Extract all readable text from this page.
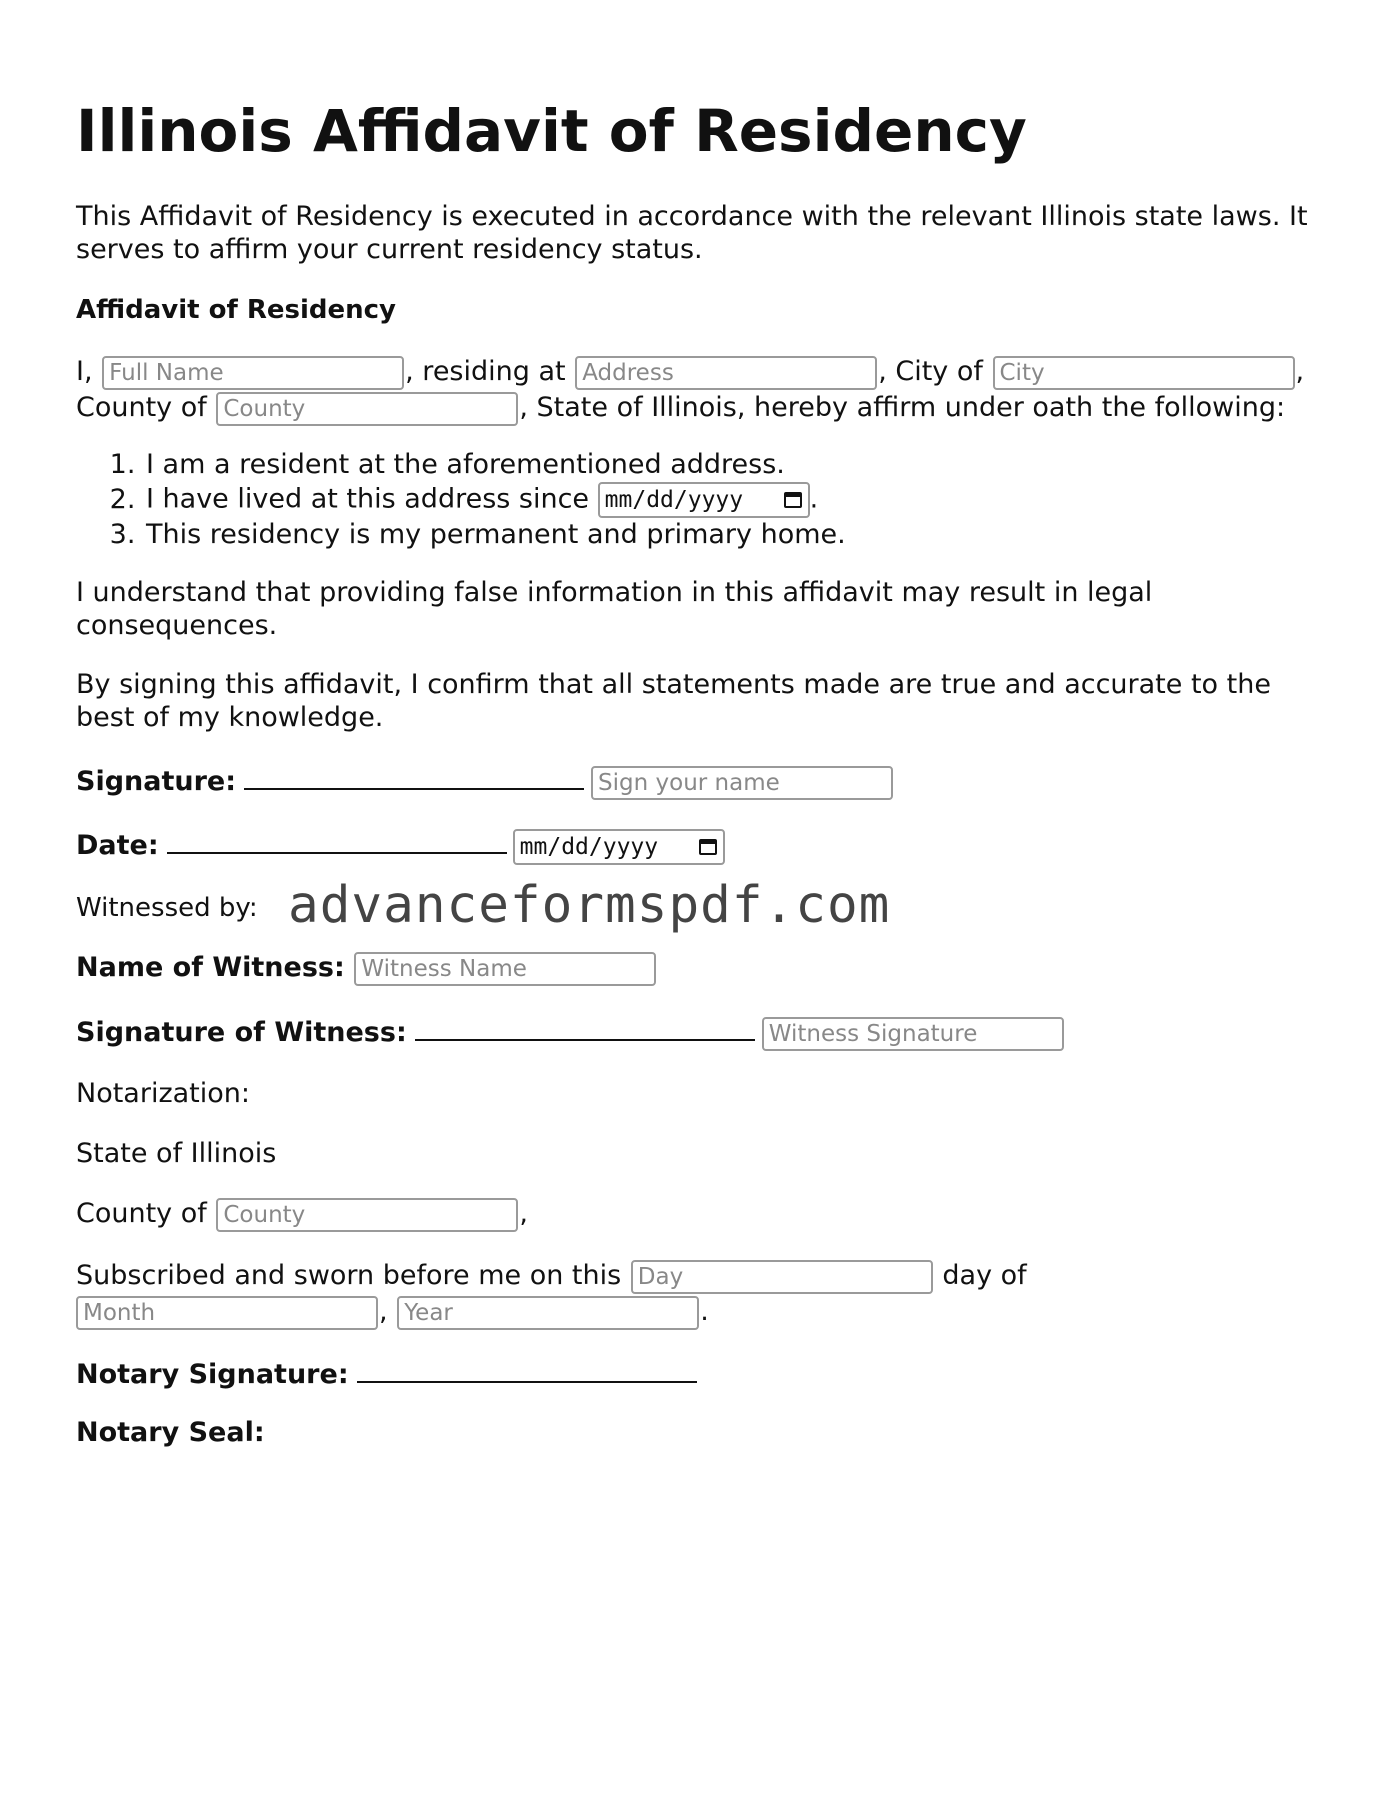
Illinois Affidavit of Residency

This Affidavit of Residency is executed in accordance with the relevant Illinois state laws. It serves to affirm your current residency status.

Affidavit of Residency
I, Full Name	, residing at Address	, City of City	,
County of County	, State of Illinois, hereby affirm under oath the following:
1. I am a resident at the aforementioned address.
2. I have lived at this address since mm/dd/yyyy .
3. This residency is my permanent and primary home.

I understand that providing false information in this affidavit may result in legal consequences.

By signing this affidavit, I confirm that all statements made are true and accurate to the best of my knowledge.

Signature:Sign your name
Date:	mm/dd/yyyy
Witnessed by:
Name of Witness: Witness Name
Signature of Witness:Witness Signature
Notarization:
State of Illinois
County of County	,
Subscribed and sworn before me on this Day	day of
Month, Year	.
Notary Signature:
Notary Seal:
advanceformspdf.com
